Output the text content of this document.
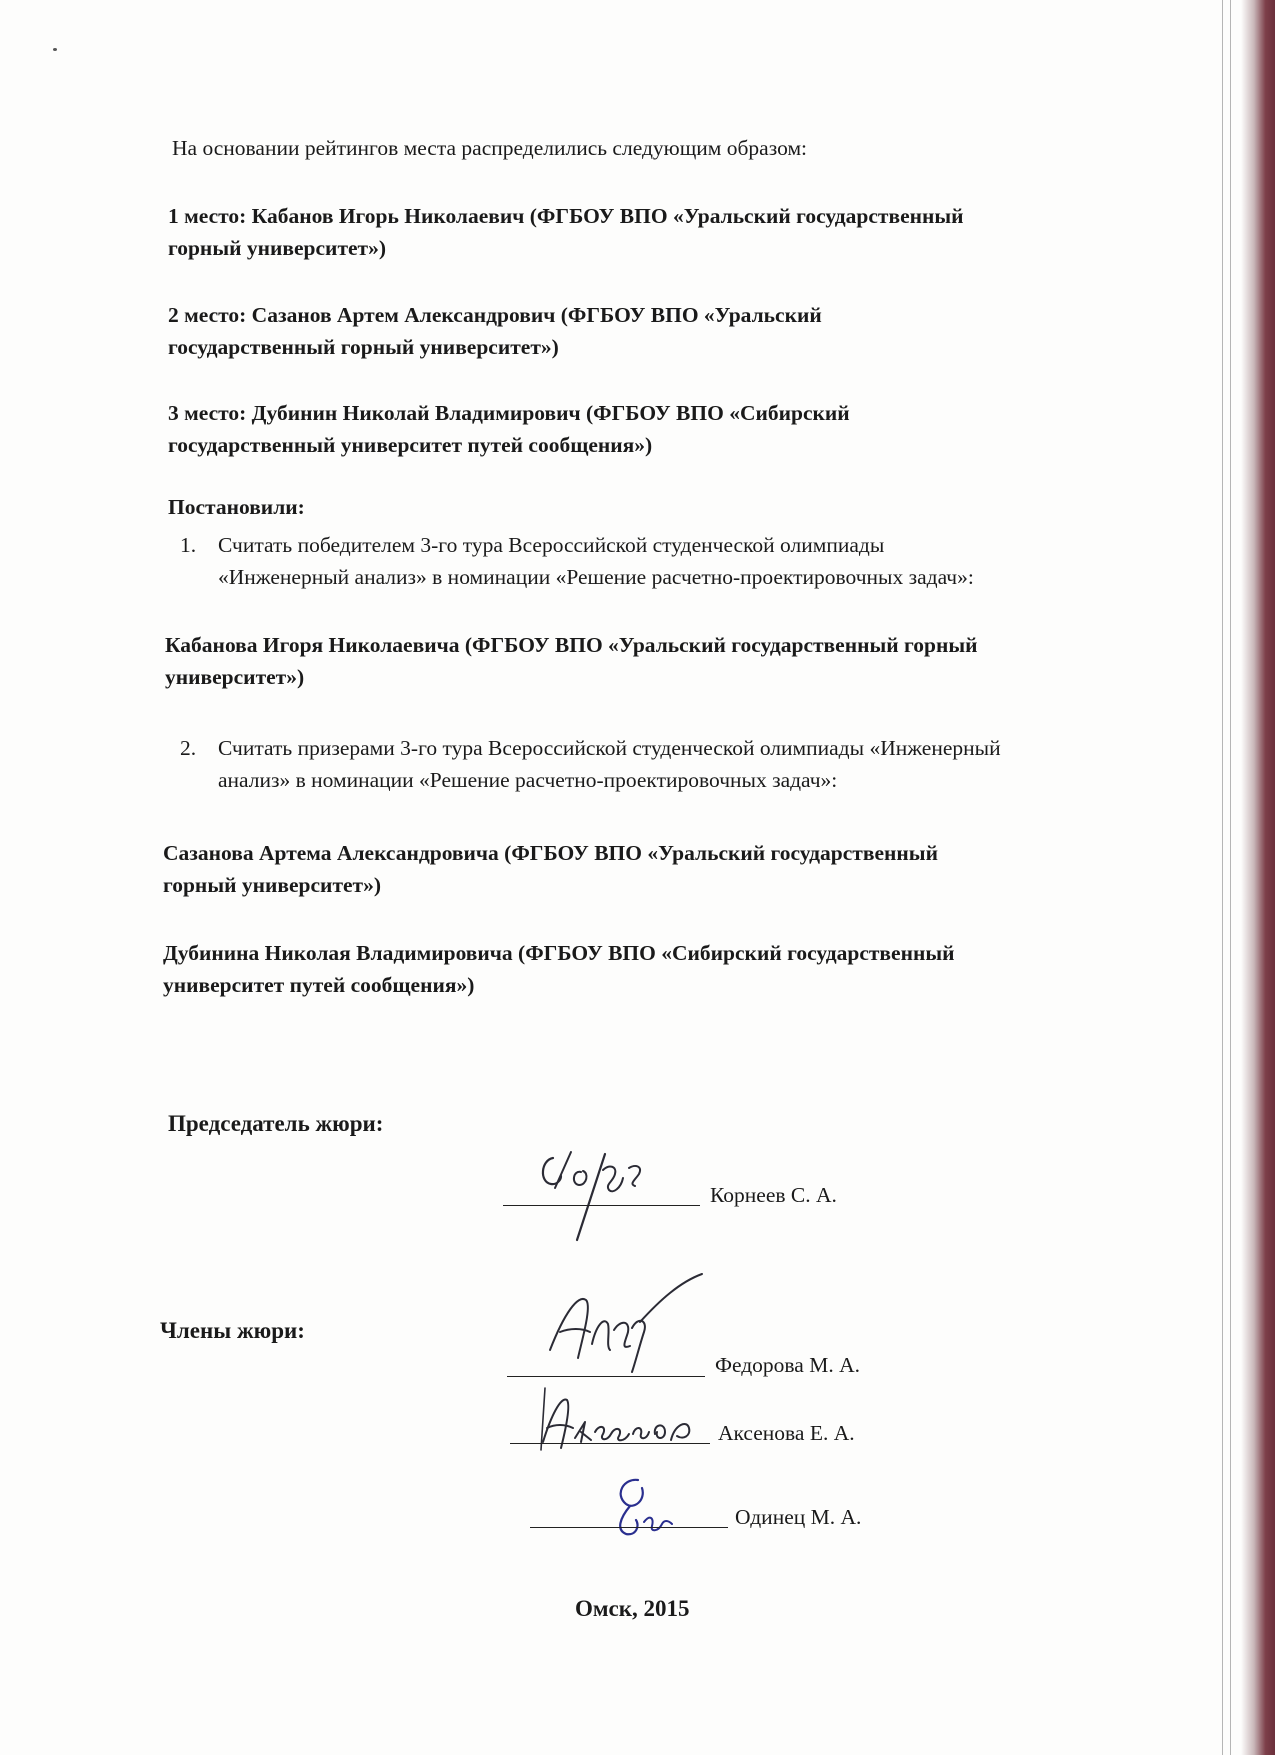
На основании рейтингов места распределились следующим образом:
1 место: Кабанов Игорь Николаевич (ФГБОУ ВПО «Уральский государственный
горный университет»)
2 место: Сазанов Артем Александрович (ФГБОУ ВПО «Уральский
государственный горный университет»)
3 место: Дубинин Николай Владимирович (ФГБОУ ВПО «Сибирский
государственный университет путей сообщения»)
Постановили:
1. Считать победителем 3-го тура Всероссийской студенческой олимпиады
«Инженерный анализ» в номинации «Решение расчетно-проектировочных задач»:
Кабанова Игоря Николаевича (ФГБОУ ВПО «Уральский государственный горный
университет»)
2. Считать призерами 3-го тура Всероссийской студенческой олимпиады «Инженерный
анализ» в номинации «Решение расчетно-проектировочных задач»:
Сазанова Артема Александровича (ФГБОУ ВПО «Уральский государственный
горный университет»)
Дубинина Николая Владимировича (ФГБОУ ВПО «Сибирский государственный
университет путей сообщения»)
Председатель жюри:
Корнеев С. А.
Члены жюри:
Федорова М. А.
Аксенова Е. А.
Одинец М. А.
Омск, 2015
